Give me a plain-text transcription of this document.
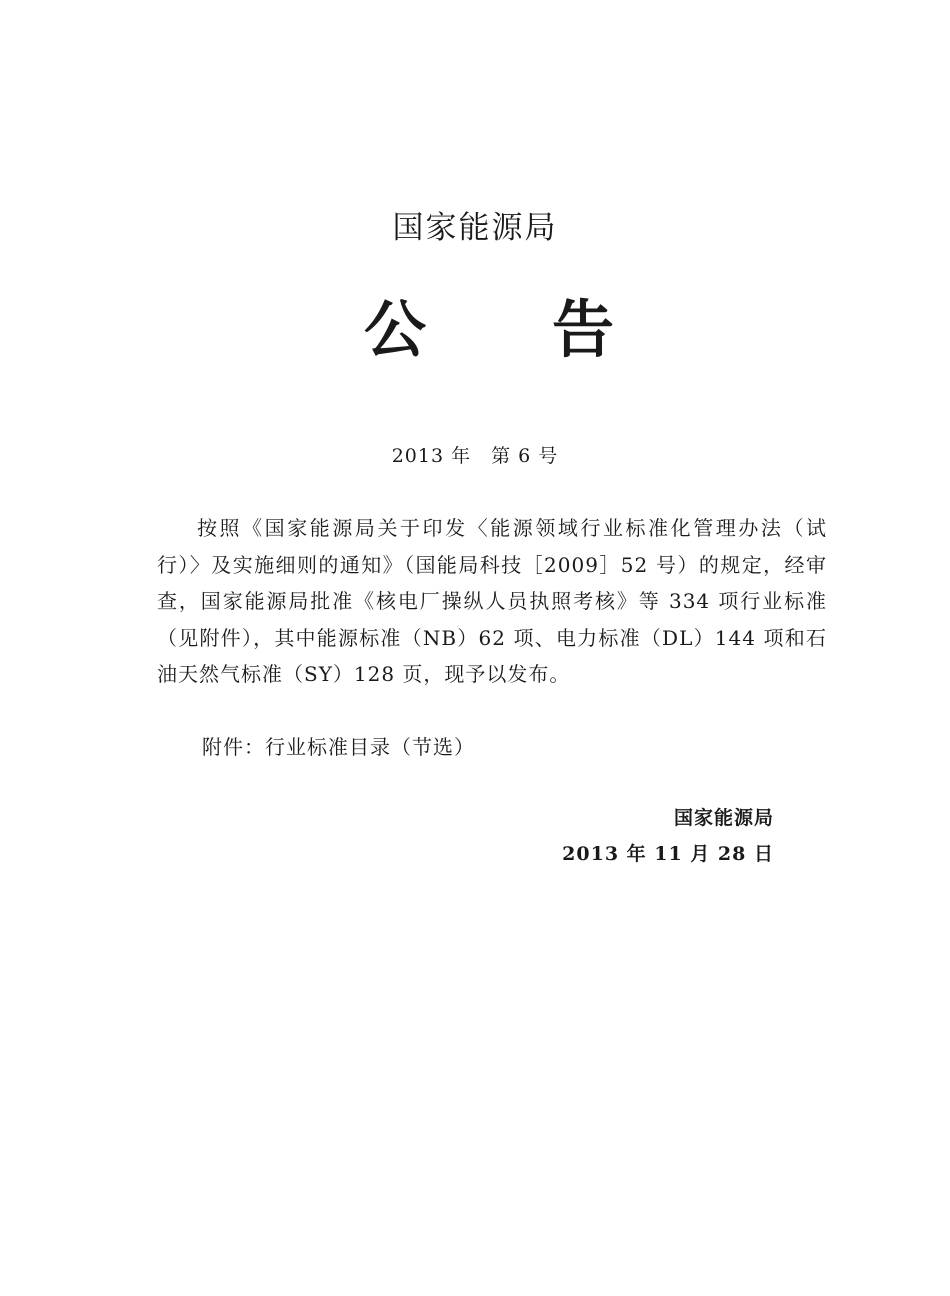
国家能源局
公 告
2013 年　第 6 号

按照《国家能源局关于印发〈能源领域行业标准化管理办法（试行）〉及实施细则的通知》（国能局科技［2009］52 号）的规定，经审查，国家能源局批准《核电厂操纵人员执照考核》等 334 项行业标准（见附件），其中能源标准（NB）62 项、电力标准（DL）144 项和石油天然气标准（SY）128 页，现予以发布。

附件：行业标准目录（节选）
国家能源局
2013 年 11 月 28 日
